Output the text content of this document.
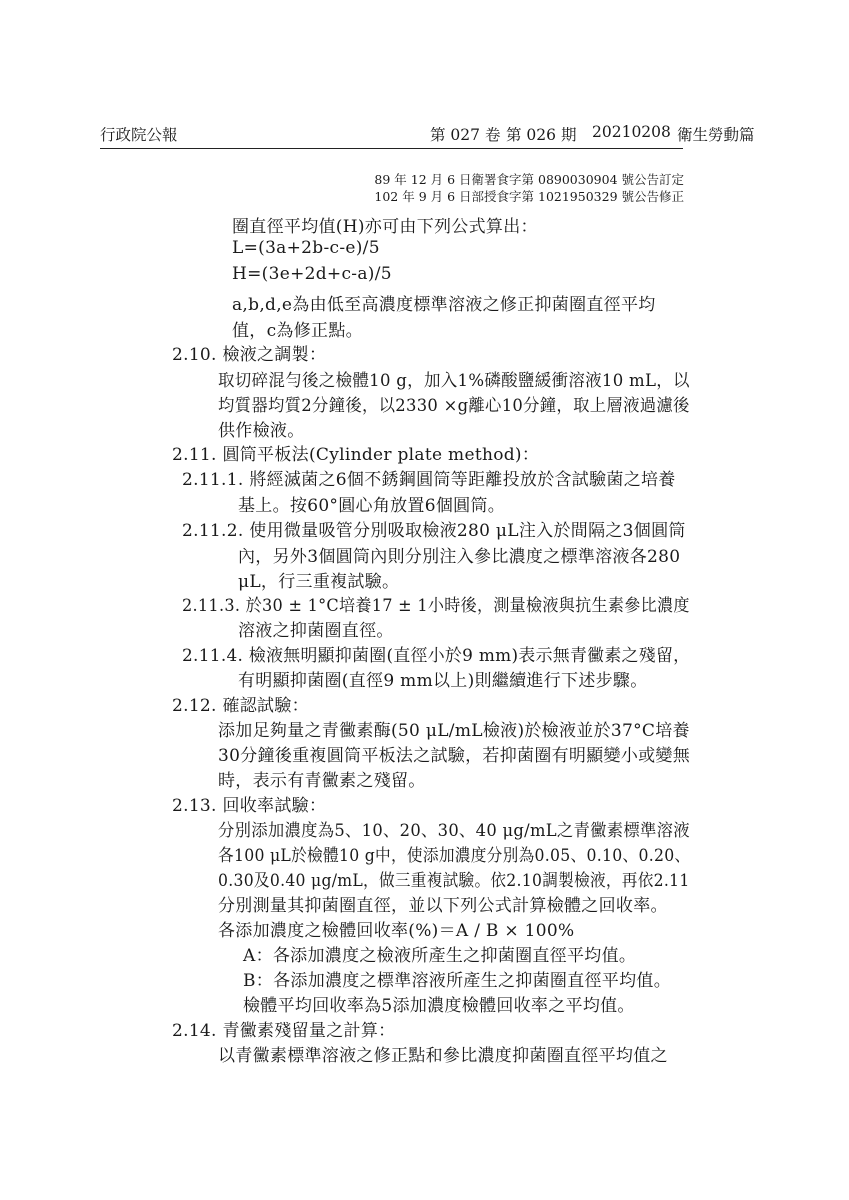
行政院公報	第 027 卷 第 026 期 20210208 衛生勞動篇
89 年 12 月 6 日衛署食字第 0890030904 號公告訂定
102 年 9 月 6 日部授食字第 1021950329 號公告修正
圈直徑平均值(H)亦可由下列公式算出：
L=(3a+2b-c-e)/5
H=(3e+2d+c-a)/5
a,b,d,e為由低至高濃度標準溶液之修正抑菌圈直徑平均
值，c為修正點。
2.10. 檢液之調製：
取切碎混勻後之檢體10 g，加入1%磷酸鹽緩衝溶液10 mL，以
均質器均質2分鐘後，以2330 ×g離心10分鐘，取上層液過濾後
供作檢液。
2.11. 圓筒平板法(Cylinder plate method)：
2.11.1. 將經滅菌之6個不銹鋼圓筒等距離投放於含試驗菌之培養
基上。按60°圓心角放置6個圓筒。
2.11.2. 使用微量吸管分別吸取檢液280 μL注入於間隔之3個圓筒
內，另外3個圓筒內則分別注入參比濃度之標準溶液各280
μL，行三重複試驗。
2.11.3. 於30 ± 1°C培養17 ± 1小時後，測量檢液與抗生素參比濃度
溶液之抑菌圈直徑。
2.11.4. 檢液無明顯抑菌圈(直徑小於9 mm)表示無青黴素之殘留，
有明顯抑菌圈(直徑9 mm以上)則繼續進行下述步驟。
2.12. 確認試驗：
添加足夠量之青黴素酶(50 μL/mL檢液)於檢液並於37°C培養
30分鐘後重複圓筒平板法之試驗，若抑菌圈有明顯變小或變無
時，表示有青黴素之殘留。
2.13. 回收率試驗：
分別添加濃度為5、10、20、30、40 μg/mL之青黴素標準溶液
各100 μL於檢體10 g中，使添加濃度分別為0.05、0.10、0.20、
0.30及0.40 μg/mL，做三重複試驗。依2.10調製檢液，再依2.11
分別測量其抑菌圈直徑，並以下列公式計算檢體之回收率。
各添加濃度之檢體回收率(%)＝A / B × 100%
A：各添加濃度之檢液所產生之抑菌圈直徑平均值。
B：各添加濃度之標準溶液所產生之抑菌圈直徑平均值。
檢體平均回收率為5添加濃度檢體回收率之平均值。
2.14. 青黴素殘留量之計算：
以青黴素標準溶液之修正點和參比濃度抑菌圈直徑平均值之
